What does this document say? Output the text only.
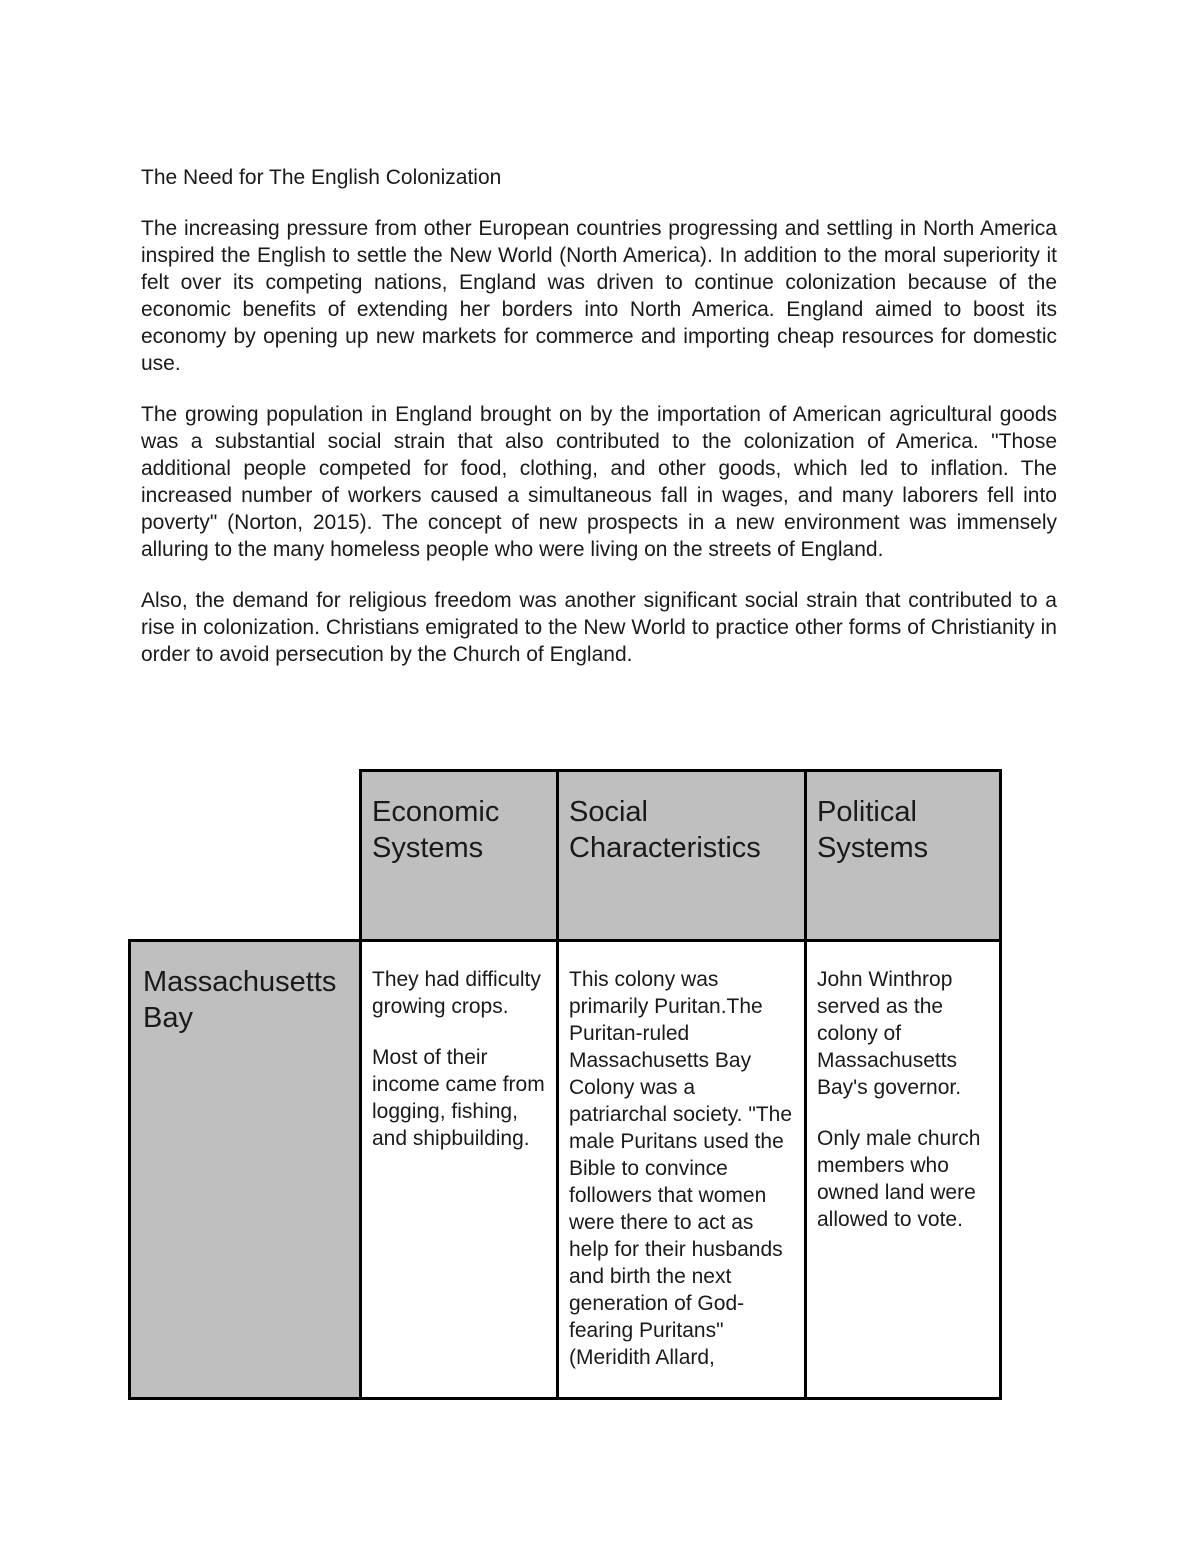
The Need for The English Colonization

The increasing pressure from other European countries progressing and settling in North America inspired the English to settle the New World (North America). In addition to the moral superiority it felt over its competing nations, England was driven to continue colonization because of the economic benefits of extending her borders into North America. England aimed to boost its economy by opening up new markets for commerce and importing cheap resources for domestic use.

The growing population in England brought on by the importation of American agricultural goods was a substantial social strain that also contributed to the colonization of America. "Those additional people competed for food, clothing, and other goods, which led to inflation. The increased number of workers caused a simultaneous fall in wages, and many laborers fell into poverty" (Norton, 2015). The concept of new prospects in a new environment was immensely alluring to the many homeless people who were living on the streets of England.

Also, the demand for religious freedom was another significant social strain that contributed to a rise in colonization. Christians emigrated to the New World to practice other forms of Christianity in order to avoid persecution by the Church of England.

Economic Systems
Social Characteristics
Political Systems
Massachusetts Bay

They had difficulty growing crops.

Most of their income came from logging, fishing, and shipbuilding.

This colony was primarily Puritan.The Puritan-ruled Massachusetts Bay Colony was a patriarchal society. "The male Puritans used the Bible to convince followers that women were there to act as help for their husbands and birth the next generation of God-fearing Puritans" (Meridith Allard,

John Winthrop served as the colony of Massachusetts Bay's governor.

Only male church members who owned land were allowed to vote.
